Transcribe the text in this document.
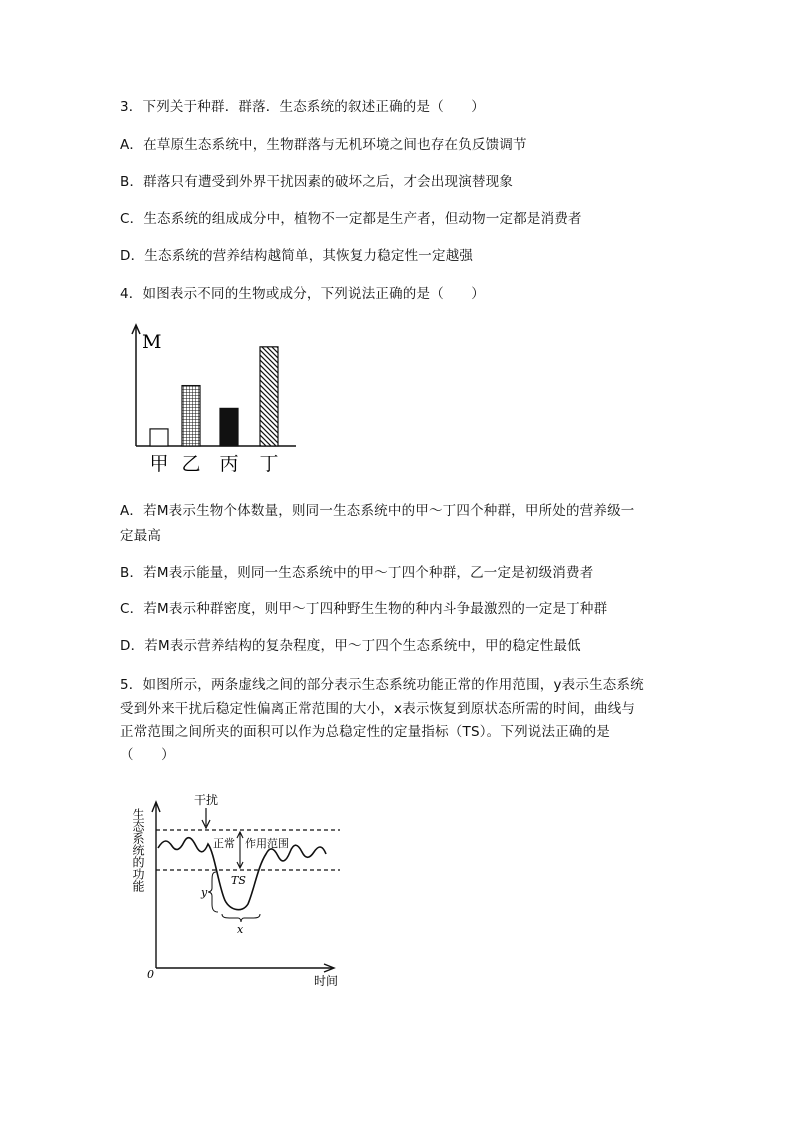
3．下列关于种群．群落．生态系统的叙述正确的是（　　）
A．在草原生态系统中，生物群落与无机环境之间也存在负反馈调节
B．群落只有遭受到外界干扰因素的破坏之后，才会出现演替现象
C．生态系统的组成成分中，植物不一定都是生产者，但动物一定都是消费者
D．生态系统的营养结构越简单，其恢复力稳定性一定越强
4．如图表示不同的生物或成分，下列说法正确的是（　　）
M
甲 乙 丙 丁
A．若M表示生物个体数量，则同一生态系统中的甲～丁四个种群，甲所处的营养级一
定最高
B．若M表示能量，则同一生态系统中的甲～丁四个种群，乙一定是初级消费者
C．若M表示种群密度，则甲～丁四种野生生物的种内斗争最激烈的一定是丁种群
D．若M表示营养结构的复杂程度，甲～丁四个生态系统中，甲的稳定性最低
5．如图所示，两条虚线之间的部分表示生态系统功能正常的作用范围，y表示生态系统
受到外来干扰后稳定性偏离正常范围的大小，x表示恢复到原状态所需的时间，曲线与
正常范围之间所夹的面积可以作为总稳定性的定量指标（TS）。下列说法正确的是
（　　）
生态系统的功能
0	时间
干扰
正常 作用范围
TS
y
x
